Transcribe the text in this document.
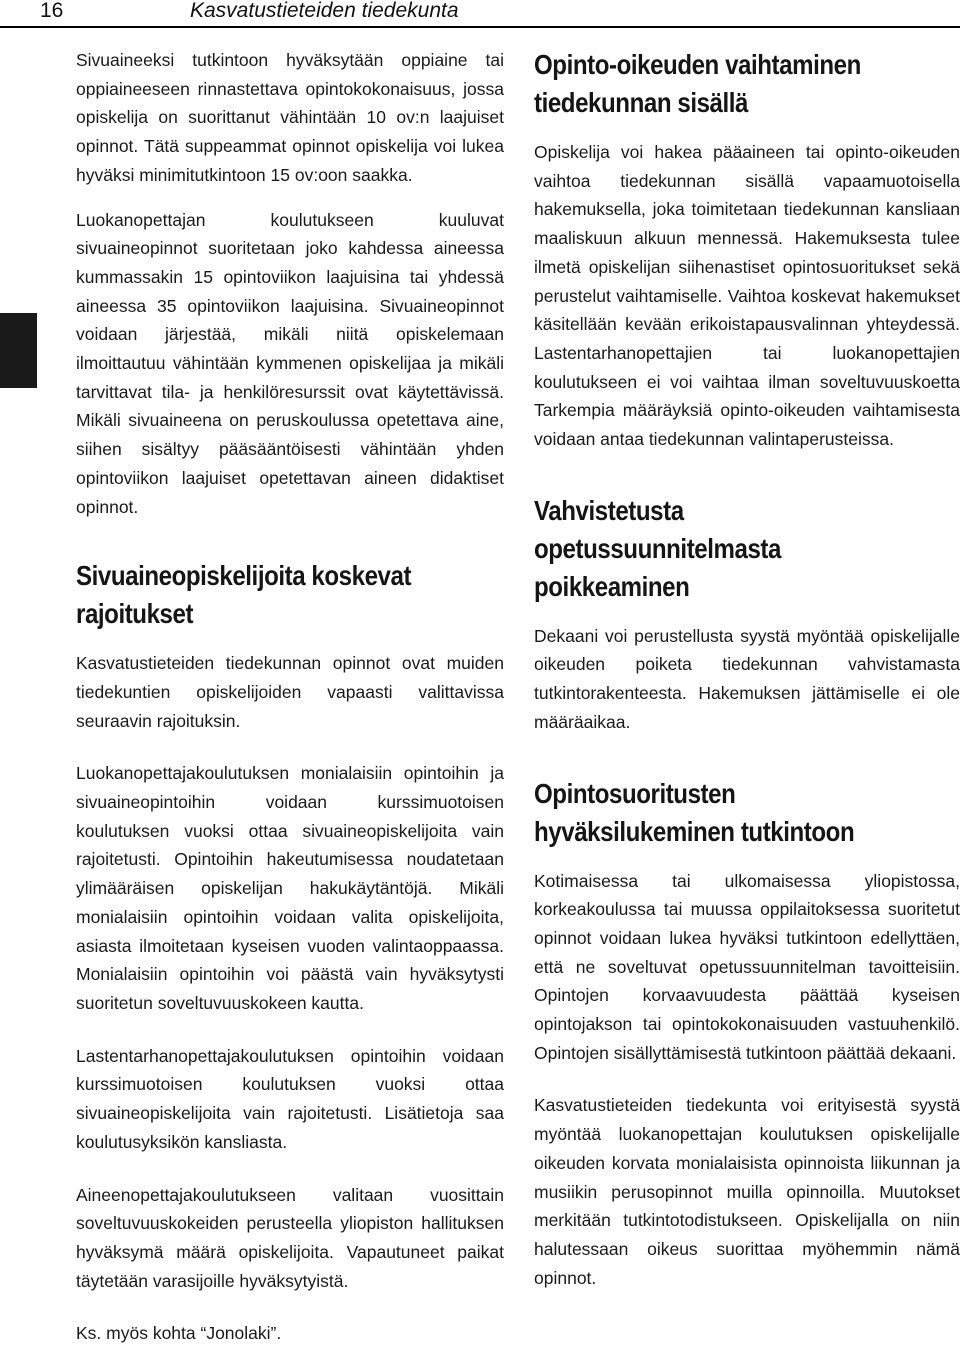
16	Kasvatustieteiden tiedekunta

Sivuaineeksi tutkintoon hyväksytään oppiaine tai oppiaineeseen rinnastettava opintokokonaisuus, jossa opiskelija on suorittanut vähintään 10 ov:n laajuiset opinnot. Tätä suppeammat opinnot opiskelija voi lukea hyväksi minimitutkintoon 15 ov:oon saakka.

Luokanopettajan koulutukseen kuuluvat sivuaineopinnot suoritetaan joko kahdessa aineessa kummassakin 15 opintoviikon laajuisina tai yhdessä aineessa 35 opintoviikon laajuisina. Sivuaineopinnot voidaan järjestää, mikäli niitä opiskelemaan ilmoittautuu vähintään kymmenen opiskelijaa ja mikäli tarvittavat tila- ja henkilöresurssit ovat käytettävissä. Mikäli sivuaineena on peruskoulussa opetettava aine, siihen sisältyy pääsääntöisesti vähintään yhden opintoviikon laajuiset opetettavan aineen didaktiset opinnot.

Sivuaineopiskelijoita koskevat
rajoitukset

Kasvatustieteiden tiedekunnan opinnot ovat muiden tiedekuntien opiskelijoiden vapaasti valittavissa seuraavin rajoituksin.

Luokanopettajakoulutuksen monialaisiin opintoihin ja sivuaineopintoihin voidaan kurssimuotoisen koulutuksen vuoksi ottaa sivuaineopiskelijoita vain rajoitetusti. Opintoihin hakeutumisessa noudatetaan ylimääräisen opiskelijan hakukäytäntöjä. Mikäli monialaisiin opintoihin voidaan valita opiskelijoita, asiasta ilmoitetaan kyseisen vuoden valintaoppaassa. Monialaisiin opintoihin voi päästä vain hyväksytysti suoritetun soveltuvuuskokeen kautta.

Lastentarhanopettajakoulutuksen opintoihin voidaan kurssimuotoisen koulutuksen vuoksi ottaa sivuaineopiskelijoita vain rajoitetusti. Lisätietoja saa koulutusyksikön kansliasta.

Aineenopettajakoulutukseen valitaan vuosittain soveltuvuuskokeiden perusteella yliopiston hallituksen hyväksymä määrä opiskelijoita. Vapautuneet paikat täytetään varasijoille hyväksytyistä.

Ks. myös kohta “Jonolaki”.

Opinto-oikeuden vaihtaminen
tiedekunnan sisällä

Opiskelija voi hakea pääaineen tai opinto-oikeuden vaihtoa tiedekunnan sisällä vapaamuotoisella hakemuksella, joka toimitetaan tiedekunnan kansliaan maaliskuun alkuun mennessä. Hakemuksesta tulee ilmetä opiskelijan siihenastiset opintosuoritukset sekä perustelut vaihtamiselle. Vaihtoa koskevat hakemukset käsitellään kevään erikoistapausvalinnan yhteydessä. Lastentarhanopettajien tai luokanopettajien koulutukseen ei voi vaihtaa ilman soveltuvuuskoetta Tarkempia määräyksiä opinto-oikeuden vaihtamisesta voidaan antaa tiedekunnan valintaperusteissa.

Vahvistetusta
opetussuunnitelmasta
poikkeaminen

Dekaani voi perustellusta syystä myöntää opiskelijalle oikeuden poiketa tiedekunnan vahvistamasta tutkintorakenteesta. Hakemuksen jättämiselle ei ole määräaikaa.

Opintosuoritusten
hyväksilukeminen tutkintoon

Kotimaisessa tai ulkomaisessa yliopistossa, korkeakoulussa tai muussa oppilaitoksessa suoritetut opinnot voidaan lukea hyväksi tutkintoon edellyttäen, että ne soveltuvat opetussuunnitelman tavoitteisiin. Opintojen korvaavuudesta päättää kyseisen opintojakson tai opintokokonaisuuden vastuuhenkilö. Opintojen sisällyttämisestä tutkintoon päättää dekaani.

Kasvatustieteiden tiedekunta voi erityisestä syystä myöntää luokanopettajan koulutuksen opiskelijalle oikeuden korvata monialaisista opinnoista liikunnan ja musiikin perusopinnot muilla opinnoilla. Muutokset merkitään tutkintotodistukseen. Opiskelijalla on niin halutessaan oikeus suorittaa myöhemmin nämä opinnot.
